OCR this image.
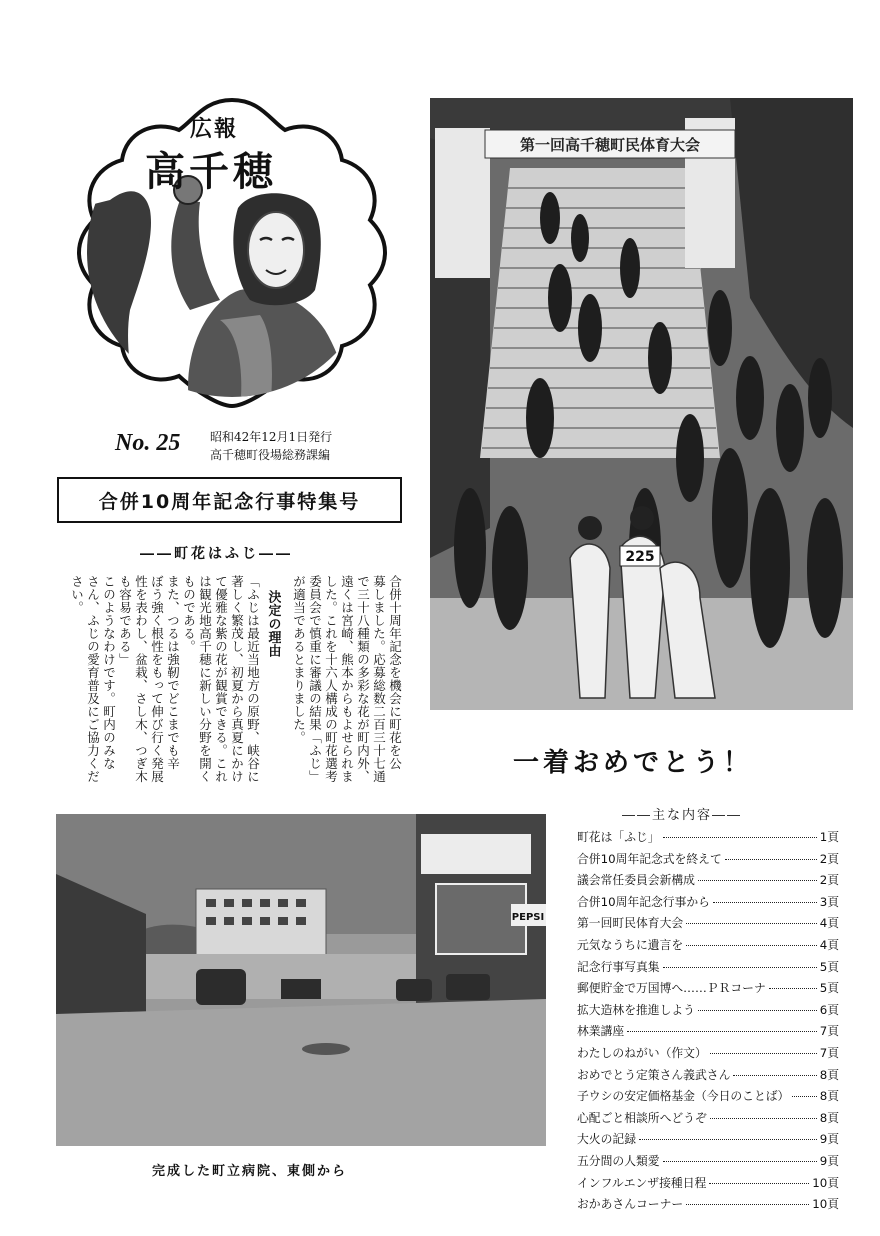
広報
高千穂
No. 25 昭和42年12月1日発行
高千穂町役場総務課編
合併10周年記念行事特集号
――町花はふじ――
合併十周年記念を機会に町花を公
募しました。応募総数二百三十七通
で三十八種類の多彩な花が町内外、
遠くは宮崎、熊本からもよせられま
した。これを十六人構成の町花選考
委員会で慎重に審議の結果「ふじ」
が適当であるとまりました。
決定の理由
「ふじは最近当地方の原野、峡谷に
著しく繁茂し、初夏から真夏にかけ
て優雅な紫の花が観賞できる。これ
は観光地高千穂に新しい分野を開く
ものである。
また、つるは強靭でどこまでも辛
ぼう強く根性をもって伸び行く発展
性を表わし、盆栽、さし木、つぎ木
も容易である」
このようなわけです。町内のみな
さん、ふじの愛育普及にご協力くだ
さい。
第一回高千穂町民体育大会
225
一着おめでとう！
PEPSI
完成した町立病院、東側から
――主な内容――
町花は「ふじ」	1頁
合併10周年記念式を終えて	2頁
議会常任委員会新構成	2頁
合併10周年記念行事から	3頁
第一回町民体育大会	4頁
元気なうちに遺言を	4頁
記念行事写真集	5頁
郵便貯金で万国博へ……ＰＲコーナ	5頁
拡大造林を推進しよう	6頁
林業講座	7頁
わたしのねがい（作文）	7頁
おめでとう定策さん義武さん	8頁
子ウシの安定価格基金（今日のことば）	8頁
心配ごと相談所へどうぞ	8頁
大火の記録	9頁
五分間の人類愛	9頁
インフルエンザ接種日程	10頁
おかあさんコーナー	10頁
